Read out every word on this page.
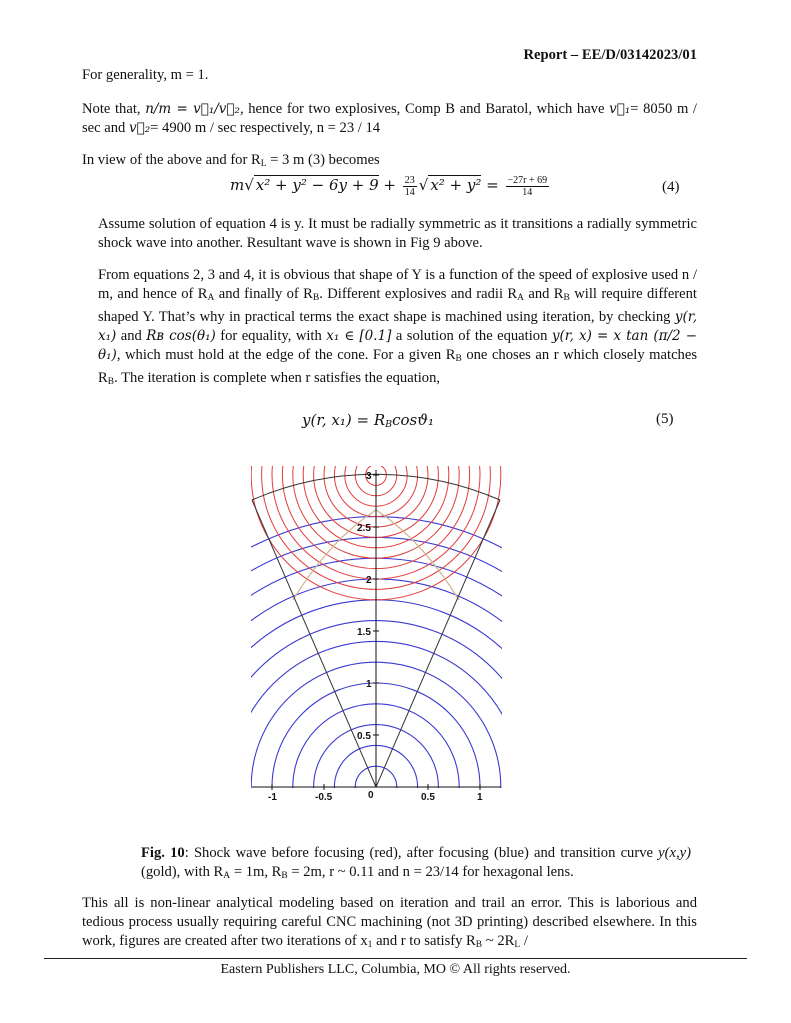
Report – EE/D/03142023/01
For generality, m = 1.
Note that, n/m = v⃗₁/v⃗₂, hence for two explosives, Comp B and Baratol, which have v⃗₁= 8050 m / sec and v⃗₂= 4900 m / sec respectively, n = 23 / 14
In view of the above and for $R_L = 3$ m (3) becomes
m√ $x^2 + y^2 - 6y + 9 + \frac{23}{14}$ √ $x^2 + y^2 = \frac{-27r + 69}{14}$	(4)
Assume solution of equation 4 is y. It must be radially symmetric as it transitions a radially symmetric shock wave into another. Resultant wave is shown in Fig 9 above.
From equations 2, 3 and 4, it is obvious that shape of Y is a function of the speed of explosive used n / m, and hence of $R_A$ and finally of $R_B$. Different explosives and radii $R_A$ and $R_B$ will require different shaped Y. That’s why in practical terms the exact shape is machined using iteration, by checking y(r, x₁) and Rʙ cos(θ₁) for equality, with x₁ ∈ [0.1] a solution of the equation y(r, x) = x tan (π/2 − θ₁), which must hold at the edge of the cone. For a given $R_B$ one choses an r which closely matches $R_B$. The iteration is complete when r satisfies the equation,
y(r, $x_1) = R_B\cos ϑ_1$	(5)
-1	-0.5	0	0.5	1
0.5
1
1.5
2
2.5
3
Fig. 10: Shock wave before focusing (red), after focusing (blue) and transition curve y(x,y) (gold), with $R_A = 1m$, $R_B = 2m$, r ~ 0.11 and n = 23/14 for hexagonal lens.
This all is non-linear analytical modeling based on iteration and trail an error. This is laborious and tedious process usually requiring careful CNC machining (not 3D printing) described elsewhere. In this work, figures are created after two iterations of $x_1$ and r to satisfy $R_B$ ~ $2R_L$ /
Eastern Publishers LLC, Columbia, MO © All rights reserved.
